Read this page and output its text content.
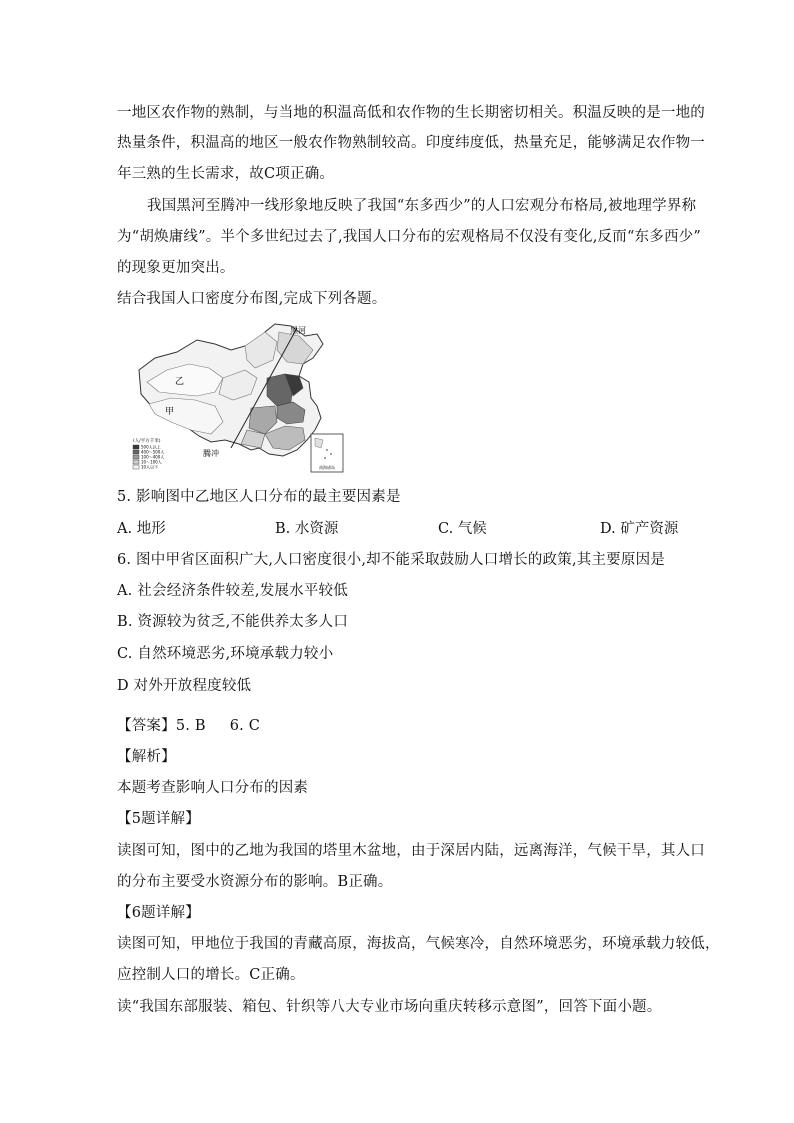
一地区农作物的熟制，与当地的积温高低和农作物的生长期密切相关。积温反映的是一地的
热量条件，积温高的地区一般农作物熟制较高。印度纬度低，热量充足，能够满足农作物一
年三熟的生长需求，故C项正确。
我国黑河至腾冲一线形象地反映了我国“东多西少”的人口宏观分布格局,被地理学界称
为“胡焕庸线”。半个多世纪过去了,我国人口分布的宏观格局不仅没有变化,反而“东多西少”
的现象更加突出。
结合我国人口密度分布图,完成下列各题。
黑河
腾冲
乙
甲
(人/平方千米)
500人以上
400～500人
100～400人
10～100人
10人以下	南海诸岛
5. 影响图中乙地区人口分布的最主要因素是
A. 地形	B. 水资源	C. 气候	D. 矿产资源
6. 图中甲省区面积广大,人口密度很小,却不能采取鼓励人口增长的政策,其主要原因是
A. 社会经济条件较差,发展水平较低
B. 资源较为贫乏,不能供养太多人口
C. 自然环境恶劣,环境承载力较小
D 对外开放程度较低
【答案】5. B     6. C
【解析】
本题考查影响人口分布的因素
【5题详解】
读图可知，图中的乙地为我国的塔里木盆地，由于深居内陆，远离海洋，气候干旱，其人口
的分布主要受水资源分布的影响。B正确。
【6题详解】
读图可知，甲地位于我国的青藏高原，海拔高，气候寒冷，自然环境恶劣，环境承载力较低，
应控制人口的增长。C正确。
读“我国东部服装、箱包、针织等八大专业市场向重庆转移示意图”，回答下面小题。
